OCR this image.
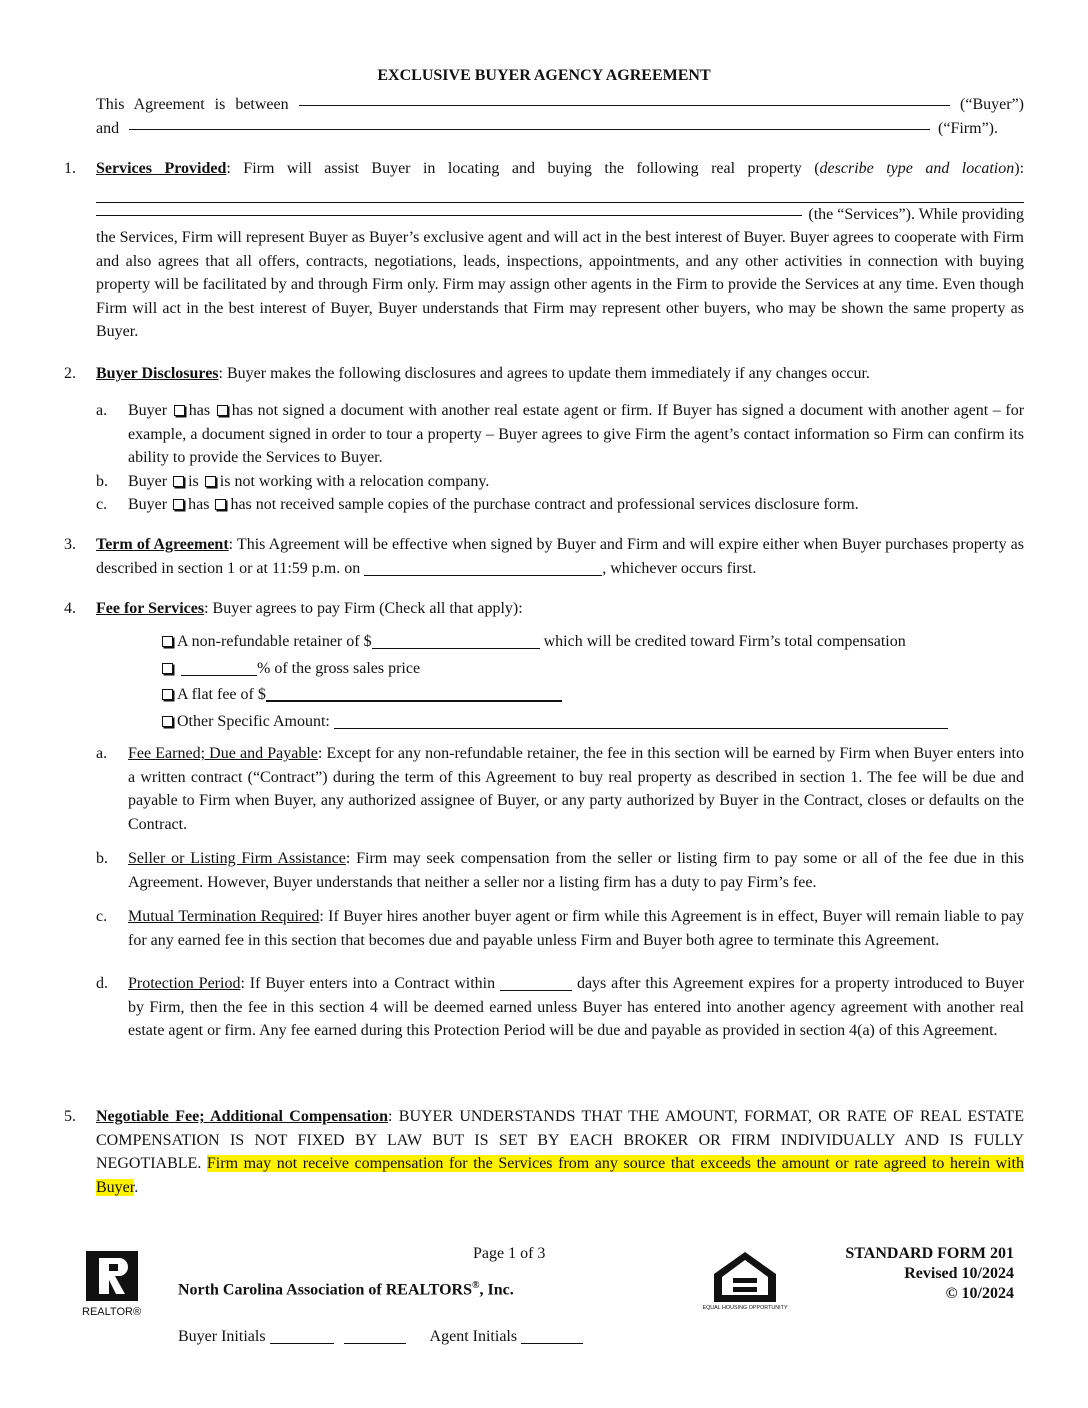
EXCLUSIVE BUYER AGENCY AGREEMENT
This Agreement is between	(“Buyer”)
and	(“Firm”).
1.	Services Provided: Firm will assist Buyer in locating and buying the following real property (describe type and location):
(the “Services”). While providing
the Services, Firm will represent Buyer as Buyer’s exclusive agent and will act in the best interest of Buyer. Buyer agrees to cooperate with Firm and also agrees that all offers, contracts, negotiations, leads, inspections, appointments, and any other activities in connection with buying property will be facilitated by and through Firm only. Firm may assign other agents in the Firm to provide the Services at any time. Even though Firm will act in the best interest of Buyer, Buyer understands that Firm may represent other buyers, who may be shown the same property as Buyer.
2.	Buyer Disclosures: Buyer makes the following disclosures and agrees to update them immediately if any changes occur.
a.	Buyer has has not signed a document with another real estate agent or firm. If Buyer has signed a document with another agent – for example, a document signed in order to tour a property – Buyer agrees to give Firm the agent’s contact information so Firm can confirm its ability to provide the Services to Buyer.
b.	Buyer is is not working with a relocation company.
c.	Buyer has has not received sample copies of the purchase contract and professional services disclosure form.
3.	Term of Agreement: This Agreement will be effective when signed by Buyer and Firm and will expire either when Buyer purchases property as described in section 1 or at 11:59 p.m. on	, whichever occurs first.
4.	Fee for Services: Buyer agrees to pay Firm (Check all that apply):
A non-refundable retainer of $	which will be credited toward Firm’s total compensation
% of the gross sales price
A flat fee of $
Other Specific Amount:
a.	Fee Earned; Due and Payable: Except for any non-refundable retainer, the fee in this section will be earned by Firm when Buyer enters into a written contract (“Contract”) during the term of this Agreement to buy real property as described in section 1. The fee will be due and payable to Firm when Buyer, any authorized assignee of Buyer, or any party authorized by Buyer in the Contract, closes or defaults on the Contract.
b.	Seller or Listing Firm Assistance: Firm may seek compensation from the seller or listing firm to pay some or all of the fee due in this Agreement. However, Buyer understands that neither a seller nor a listing firm has a duty to pay Firm’s fee.
c.	Mutual Termination Required: If Buyer hires another buyer agent or firm while this Agreement is in effect, Buyer will remain liable to pay for any earned fee in this section that becomes due and payable unless Firm and Buyer both agree to terminate this Agreement.
d.	Protection Period: If Buyer enters into a Contract within	days after this Agreement expires for a property introduced to Buyer by Firm, then the fee in this section 4 will be deemed earned unless Buyer has entered into another agency agreement with another real estate agent or firm. Any fee earned during this Protection Period will be due and payable as provided in section 4(a) of this Agreement.
5.	Negotiable Fee; Additional Compensation: BUYER UNDERSTANDS THAT THE AMOUNT, FORMAT, OR RATE OF REAL ESTATE COMPENSATION IS NOT FIXED BY LAW BUT IS SET BY EACH BROKER OR FIRM INDIVIDUALLY AND IS FULLY NEGOTIABLE. Firm may not receive compensation for the Services from any source that exceeds the amount or rate agreed to herein with Buyer.
REALTOR®
Page 1 of 3
North Carolina Association of REALTORS®, Inc.
EQUAL HOUSING OPPORTUNITY
STANDARD FORM 201
Revised 10/2024
© 10/2024
Buyer Initials	Agent Initials
